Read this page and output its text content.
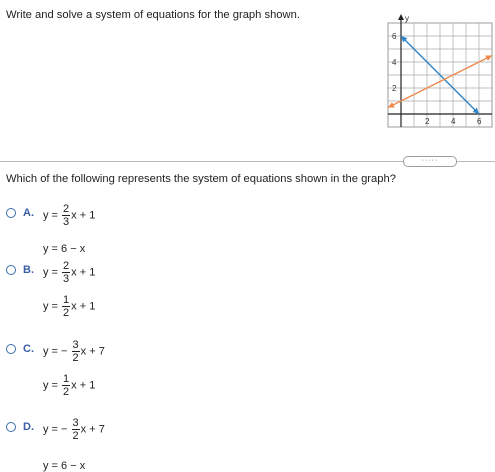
Write and solve a system of equations for the graph shown.	y
6
4
2
2	4	6
·····
Which of the following represents the system of equations shown in the graph?
A. $y = \frac{2}{3}$ x + 1
y = 6 − x
B. $y = \frac{2}{3}$ x + 1
$y = \frac{1}{2}$ x + 1
C. y = − $\frac{3}{2}$ x + 7
$y = \frac{1}{2}$ x + 1
D. y = − $\frac{3}{2}$ x + 7
y = 6 − x
